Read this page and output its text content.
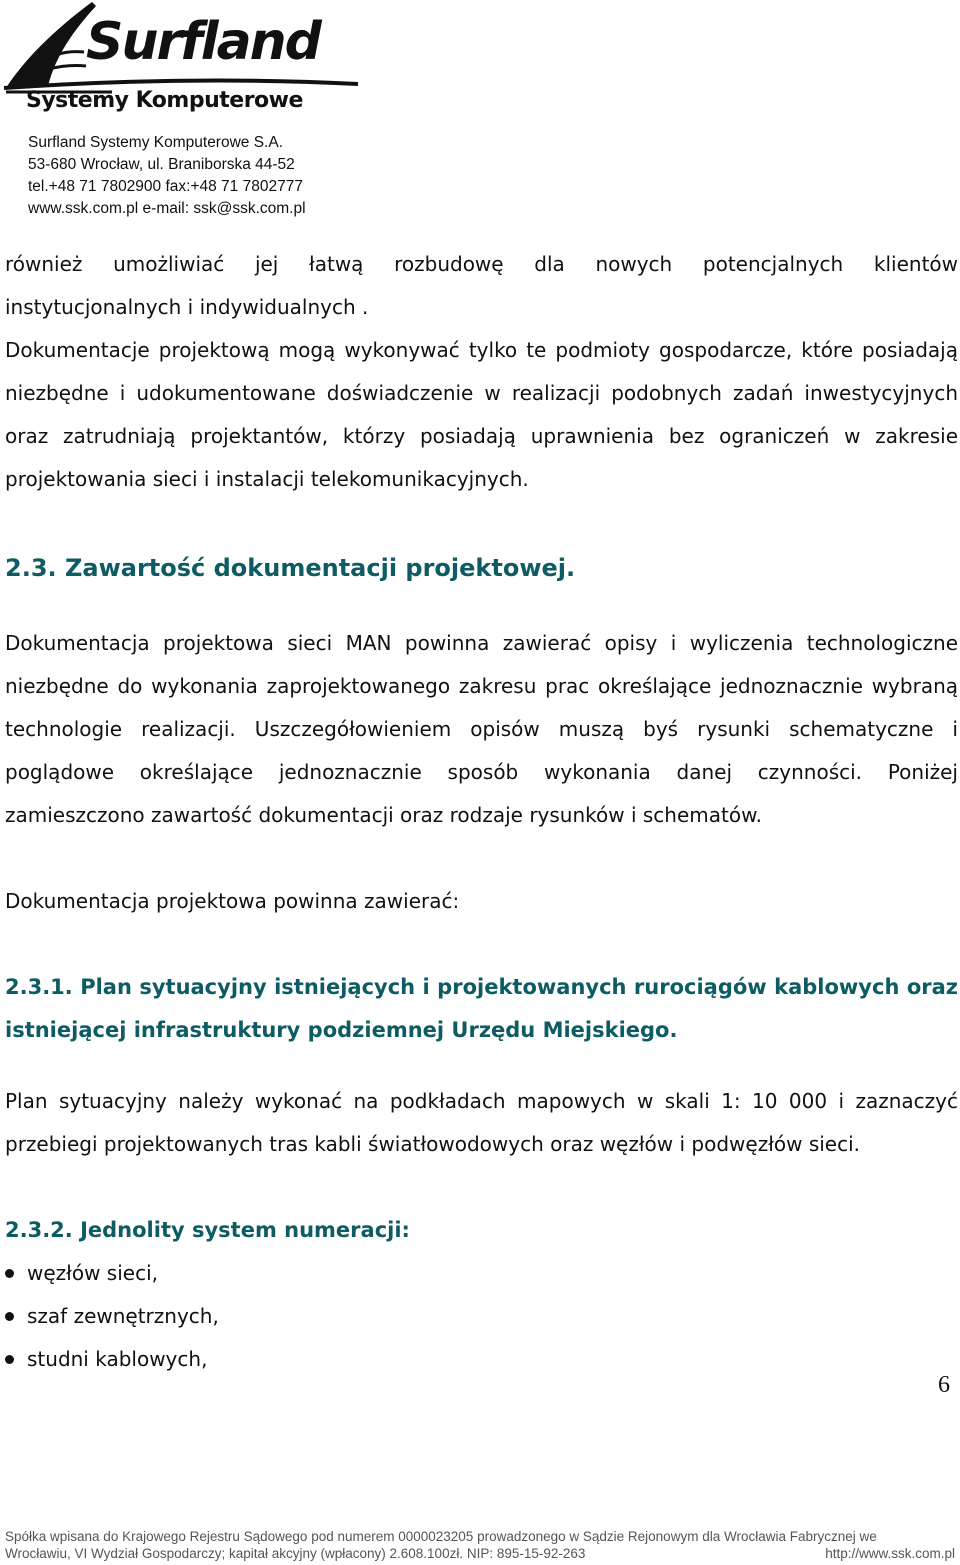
Surfland
Systemy Komputerowe
Surfland Systemy Komputerowe S.A.
53-680 Wrocław, ul. Braniborska 44-52
tel.+48 71 7802900 fax:+48 71 7802777
www.ssk.com.pl e-mail: ssk@ssk.com.pl

również umożliwiać jej łatwą rozbudowę dla nowych potencjalnych klientów

instytucjonalnych i indywidualnych .

Dokumentacje projektową mogą wykonywać tylko te podmioty gospodarcze, które posiadają niezbędne i udokumentowane doświadczenie w realizacji podobnych zadań inwestycyjnych oraz zatrudniają projektantów, którzy posiadają uprawnienia bez ograniczeń w zakresie projektowania sieci i instalacji telekomunikacyjnych.

2.3. Zawartość dokumentacji projektowej.

Dokumentacja projektowa sieci MAN powinna zawierać opisy i wyliczenia technologiczne niezbędne do wykonania zaprojektowanego zakresu prac określające jednoznacznie wybraną technologie realizacji. Uszczegółowieniem opisów muszą byś rysunki schematyczne i poglądowe określające jednoznacznie sposób wykonania danej czynności. Poniżej zamieszczono zawartość dokumentacji oraz rodzaje rysunków i schematów.

Dokumentacja projektowa powinna zawierać:

2.3.1. Plan sytuacyjny istniejących i projektowanych rurociągów kablowych oraz istniejącej infrastruktury podziemnej Urzędu Miejskiego.

Plan sytuacyjny należy wykonać na podkładach mapowych w skali 1: 10 000 i zaznaczyć przebiegi projektowanych tras kabli światłowodowych oraz węzłów i podwęzłów sieci.

2.3.2. Jednolity system numeracji:
węzłów sieci,
szaf zewnętrznych,
studni kablowych,
6
Spółka wpisana do Krajowego Rejestru Sądowego pod numerem 0000023205 prowadzonego w Sądzie Rejonowym dla Wrocławia Fabrycznej we
Wrocławiu, VI Wydział Gospodarczy; kapitał akcyjny (wpłacony) 2.608.100zł. NIP: 895-15-92-263	http://www.ssk.com.pl
